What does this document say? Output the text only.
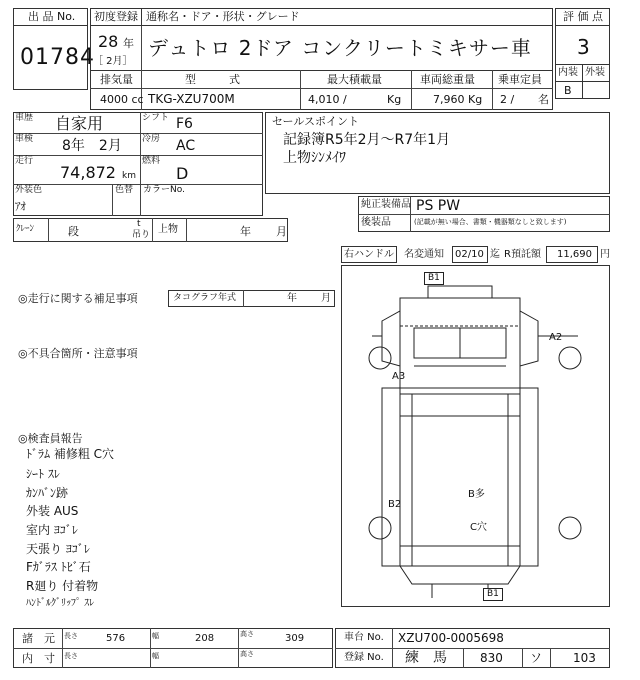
出 品 No.
01784
初度登録 通称名・ドア・形状・グレード
28 年
［ 2月］
デュトロ 2ドア コンクリートミキサー車
評 価 点
3
内装 外装
B
排気量	型　　　式	最大積載量	車両総重量 乗車定員
4000 cc TKG-XZU700M	4,010 /	Kg	7,960 Kg 2 / 名
車歴 自家用	シフト F6
車検 8年　2月 冷房 AC
走行
74,872 km
燃料
D
外装色
ｱｵ
色替 カラーNo.
ｸﾚｰﾝ	段
t
吊り 上物	年 月
セールスポイント
記録簿R5年2月～R7年1月
上物ｼﾝﾒｲﾜ
純正装備品 PS PW
後装品	(記載が無い場合、書類・機器類なしと致します)
右ハンドル 名変通知 02/10 迄 R預託額 11,690 円
◎走行に関する補足事項	タコグラフ年式	年 月
◎不具合箇所・注意事項
◎検査員報告
ﾄﾞﾗﾑ 補修粗 C穴
ｼｰﾄ ｽﾚ
ｶﾝﾊﾞﾝ跡
外装 AUS
室内 ﾖｺﾞﾚ
天張り ﾖｺﾞﾚ
Fｶﾞﾗｽ ﾄﾋﾞ石
R廻り 付着物
ﾊﾝﾄﾞﾙｸﾞﾘｯﾌﾟ ｽﾚ
B1
A2
A3
B2
B多
C穴
B1
諸　元 長さ	576	幅	208	高さ	309
内　寸 長さ	幅	高さ
車台 No. XZU700-0005698
登録 No. 練　馬	830 ソ	103
